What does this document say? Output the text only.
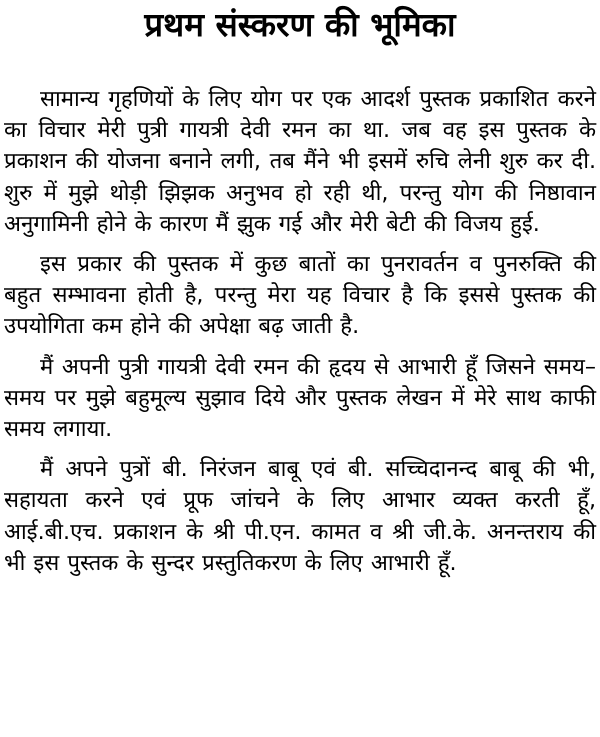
प्रथम संस्करण की भूमिका

सामान्य गृहणियों के लिए योग पर एक आदर्श पुस्तक प्रकाशित करने का विचार मेरी पुत्री गायत्री देवी रमन का था. जब वह इस पुस्तक के प्रकाशन की योजना बनाने लगी, तब मैंने भी इसमें रुचि लेनी शुरु कर दी. शुरु में मुझे थोड़ी झिझक अनुभव हो रही थी, परन्तु योग की निष्ठावान अनुगामिनी होने के कारण मैं झुक गई और मेरी बेटी की विजय हुई.

इस प्रकार की पुस्तक में कुछ बातों का पुनरावर्तन व पुनरुक्ति की बहुत सम्भावना होती है, परन्तु मेरा यह विचार है कि इससे पुस्तक की उपयोगिता कम होने की अपेक्षा बढ़ जाती है.

मैं अपनी पुत्री गायत्री देवी रमन की हृदय से आभारी हूँ जिसने समय–समय पर मुझे बहुमूल्य सुझाव दिये और पुस्तक लेखन में मेरे साथ काफी समय लगाया.

मैं अपने पुत्रों बी. निरंजन बाबू एवं बी. सच्चिदानन्द बाबू की भी, सहायता करने एवं प्रूफ जांचने के लिए आभार व्यक्त करती हूँ, आई.बी.एच. प्रकाशन के श्री पी.एन. कामत व श्री जी.के. अनन्तराय की भी इस पुस्तक के सुन्दर प्रस्तुतिकरण के लिए आभारी हूँ.
